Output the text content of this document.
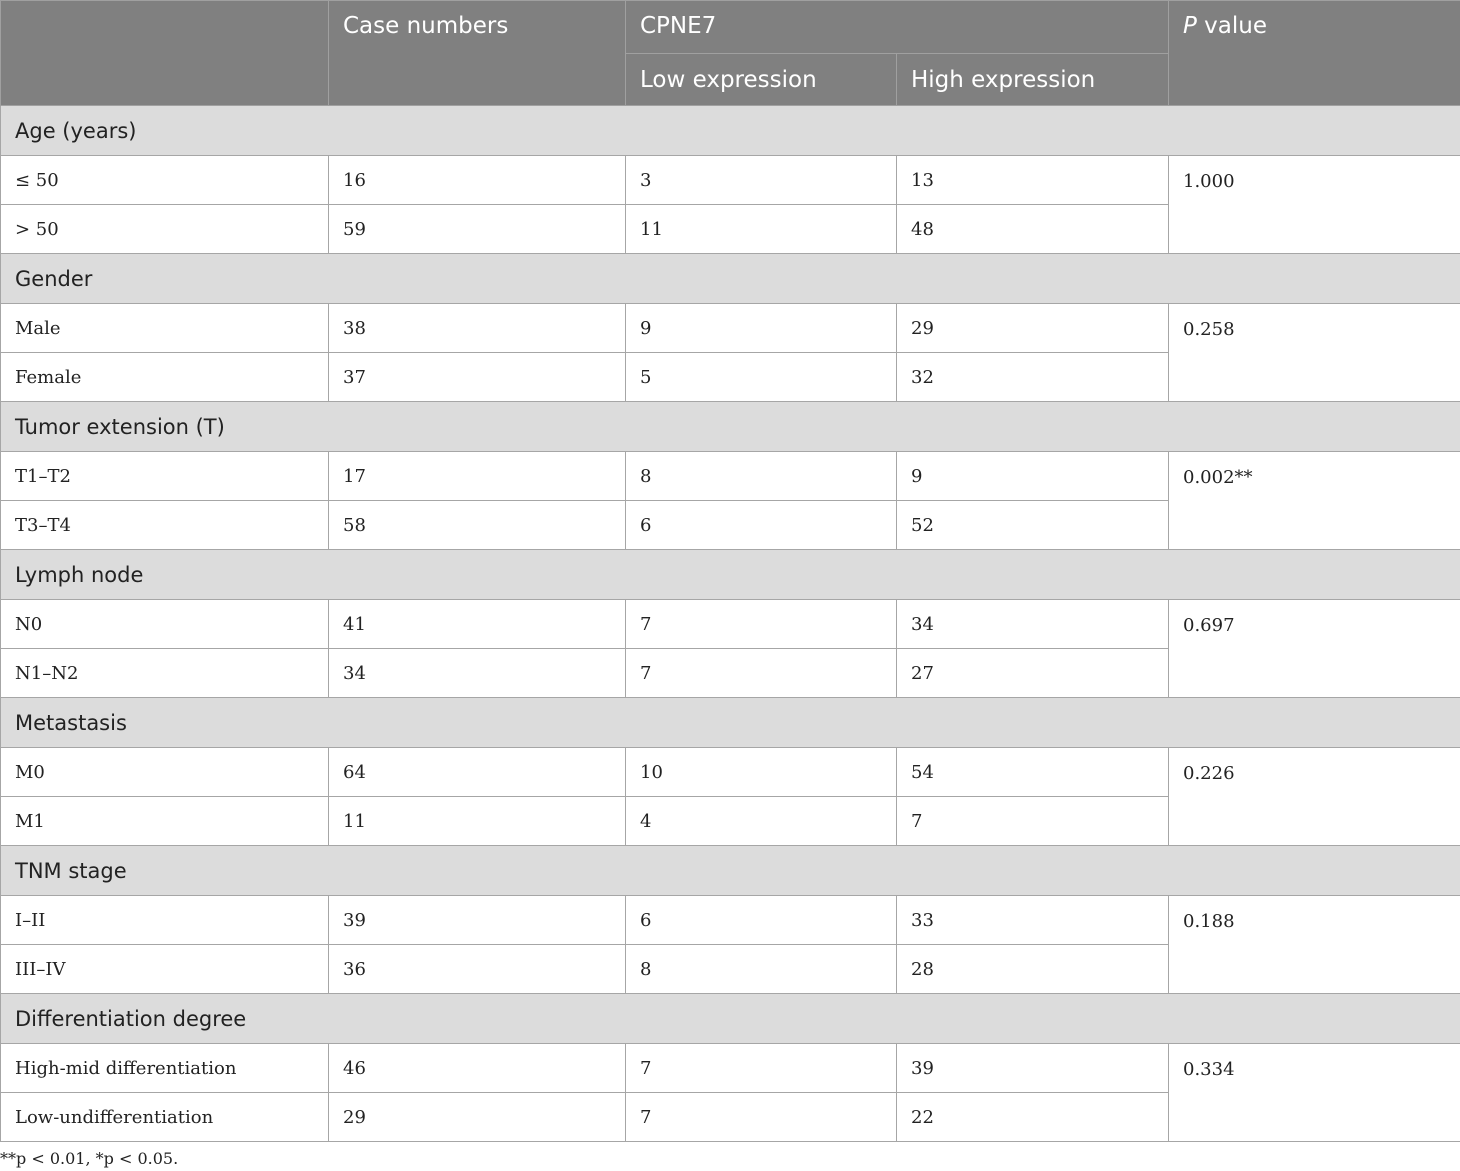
	Case numbers	CPNE7		P value
		Low expression	High expression	
Age (years)				
≤ 50	16	3	13	1.000
> 50	59	11	48	
Gender				
Male	38	9	29	0.258
Female	37	5	32	
Tumor extension (T)				
T1–T2	17	8	9	0.002**
T3–T4	58	6	52	
Lymph node				
N0	41	7	34	0.697
N1–N2	34	7	27	
Metastasis				
M0	64	10	54	0.226
M1	11	4	7	
TNM stage				
I–II	39	6	33	0.188
III–IV	36	8	28	
Differentiation degree				
High-mid differentiation	46	7	39	0.334
Low-undifferentiation	29	7	22	
**p < 0.01, *p < 0.05.
